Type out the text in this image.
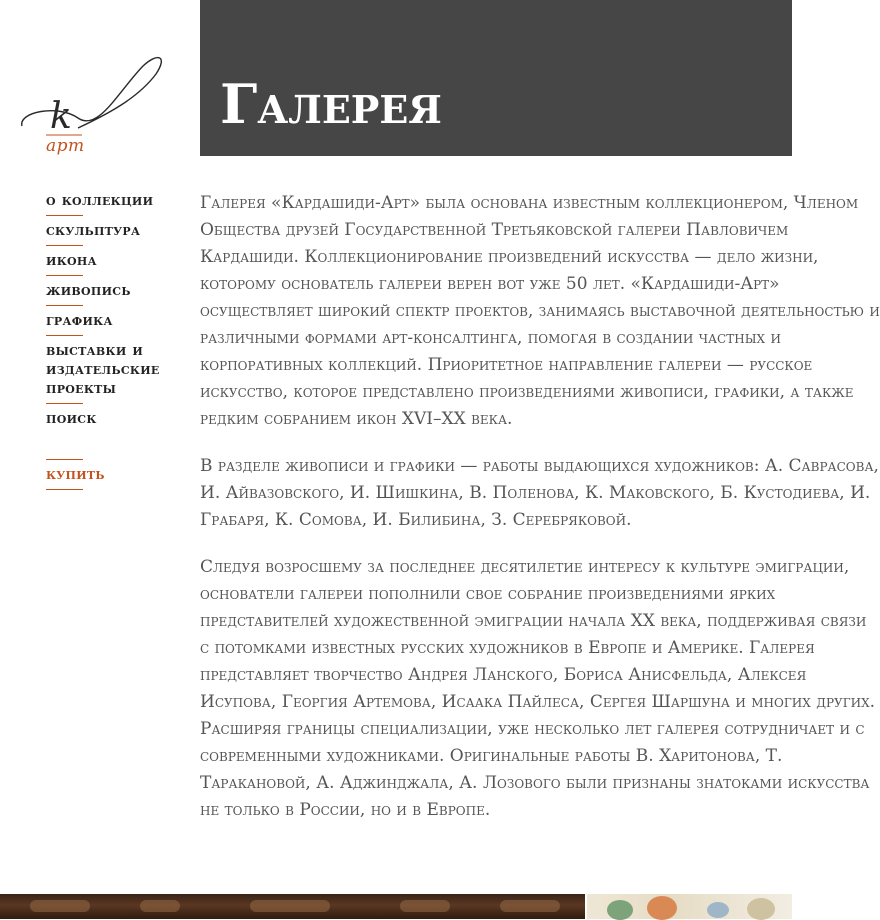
k
арт
о коллекции
скульптура
икона
живопись
графика
выставки и издательские проекты
поиск
купить
Галерея

Галерея «Кардашиди-Арт» была основана известным коллекционером, Членом Общества друзей Государственной Третьяковской галереи Павловичем Кардашиди. Коллекционирование произведений искусства — дело жизни, которому основатель галереи верен вот уже 50 лет. «Кардашиди-Арт» осуществляет широкий спектр проектов, занимаясь выставочной деятельностью и различными формами арт-консалтинга, помогая в создании частных и корпоративных коллекций. Приоритетное направление галереи — русское искусство, которое представлено произведениями живописи, графики, а также редким собранием икон XVI–XX века.

В разделе живописи и графики — работы выдающихся художников: А. Саврасова, И. Айвазовского, И. Шишкина, В. Поленова, К. Маковского, Б. Кустодиева, И. Грабаря, К. Сомова, И. Билибина, З. Серебряковой.

Следуя возросшему за последнее десятилетие интересу к культуре эмиграции, основатели галереи пополнили свое собрание произведениями ярких представителей художественной эмиграции начала XX века, поддерживая связи с потомками известных русских художников в Европе и Америке. Галерея представляет творчество Андрея Ланского, Бориса Анисфельда, Алексея Исупова, Георгия Артемова, Исаака Пайлеса, Сергея Шаршуна и многих других. Расширяя границы специализации, уже несколько лет галерея сотрудничает и с современными художниками. Оригинальные работы В. Харитонова, Т. Таракановой, А. Аджинджала, А. Лозового были признаны знатоками искусства не только в России, но и в Европе.
